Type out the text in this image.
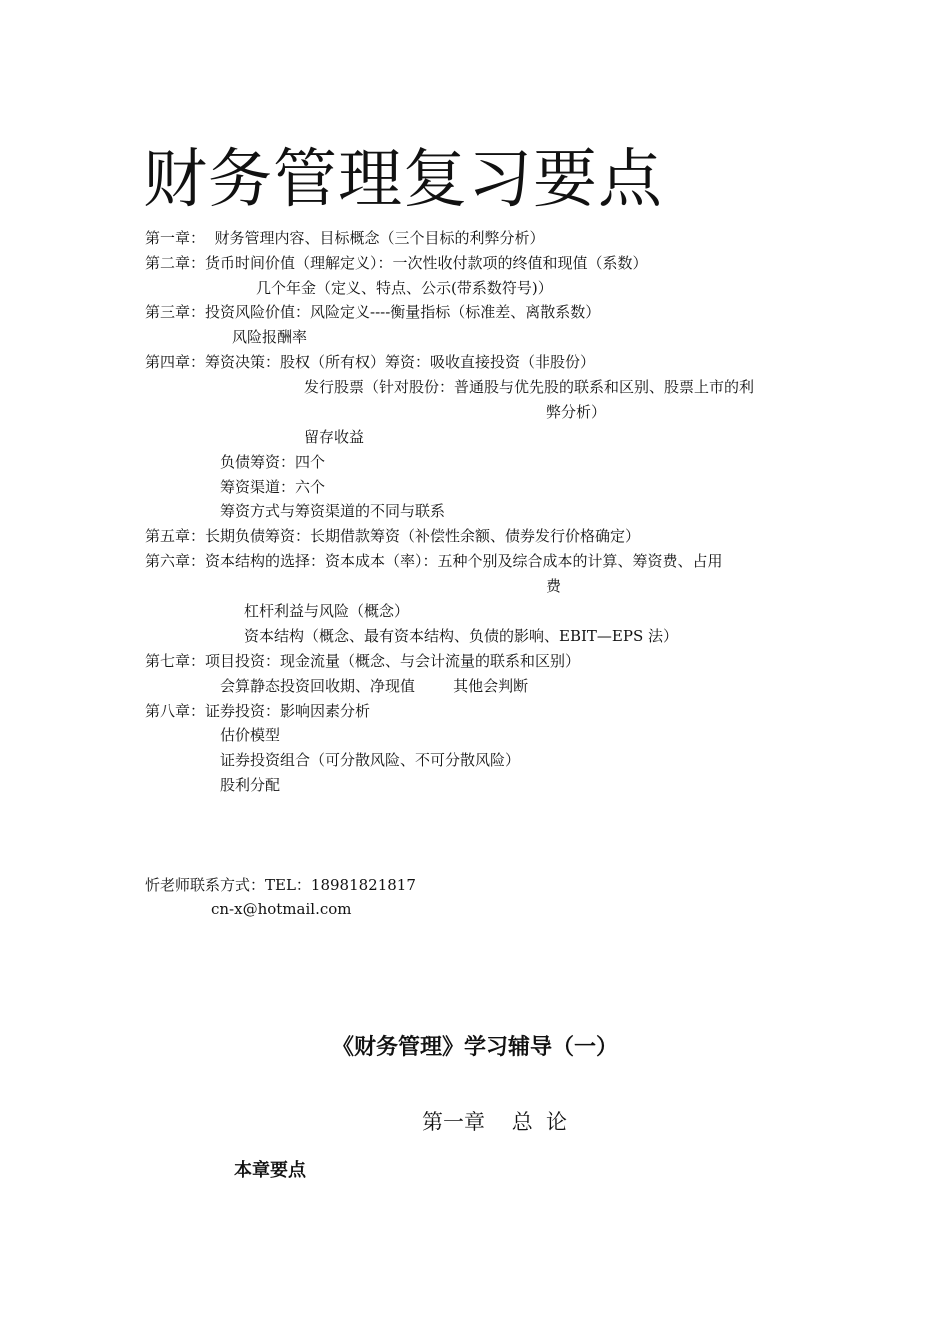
财务管理复习要点
第一章：  财务管理内容、目标概念（三个目标的利弊分析）
第二章：货币时间价值（理解定义）：一次性收付款项的终值和现值（系数）
几个年金（定义、特点、公示(带系数符号)）
第三章：投资风险价值：风险定义----衡量指标（标准差、离散系数）
风险报酬率
第四章：筹资决策：股权（所有权）筹资：吸收直接投资（非股份）
发行股票（针对股份：普通股与优先股的联系和区别、股票上市的利
弊分析）
留存收益
负债筹资：四个
筹资渠道：六个
筹资方式与筹资渠道的不同与联系
第五章：长期负债筹资：长期借款筹资（补偿性余额、债券发行价格确定）
第六章：资本结构的选择：资本成本（率）：五种个别及综合成本的计算、筹资费、占用
费
杠杆利益与风险（概念）
资本结构（概念、最有资本结构、负债的影响、EBIT—EPS 法）
第七章：项目投资：现金流量（概念、与会计流量的联系和区别）
会算静态投资回收期、净现值        其他会判断
第八章：证券投资：影响因素分析
估价模型
证券投资组合（可分散风险、不可分散风险）
股利分配
忻老师联系方式：TEL：18981821817
cn-x@hotmail.com
《财务管理》学习辅导（一）
第一章    总  论
本章要点
